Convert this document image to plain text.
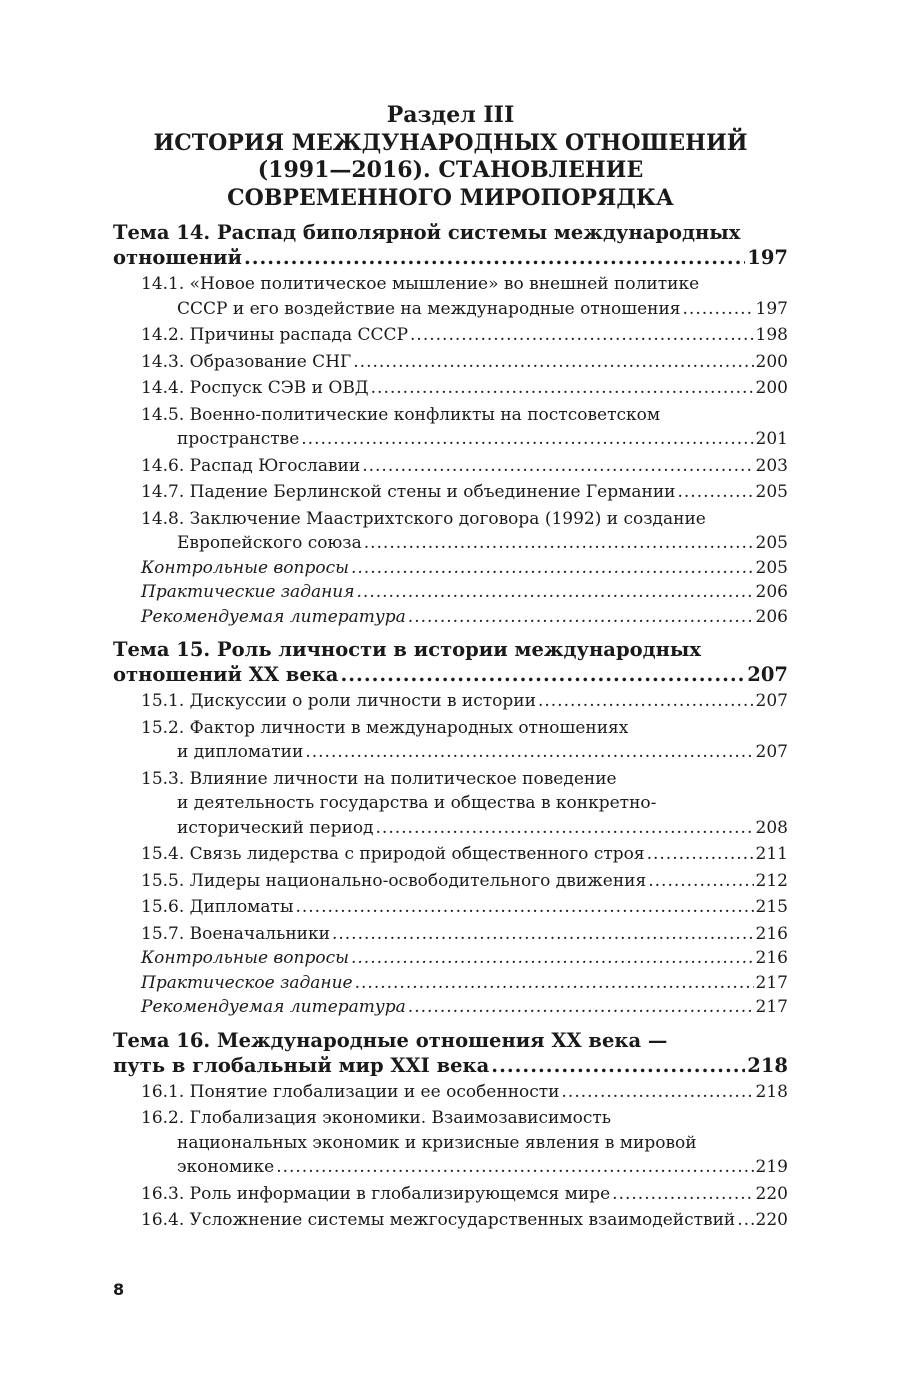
Раздел III
ИСТОРИЯ МЕЖДУНАРОДНЫХ ОТНОШЕНИЙ
(1991—2016). СТАНОВЛЕНИЕ
СОВРЕМЕННОГО МИРОПОРЯДКА
Тема 14. Распад биполярной системы международных
отношений .....	197
14.1. «Новое политическое мышление» во внешней политике
СССР и его воздействие на международные отношения .....	197
14.2. Причины распада СССР .....	198
14.3. Образование СНГ .....	200
14.4. Роспуск СЭВ и ОВД .....	200
14.5. Военно-политические конфликты на постсоветском
пространстве .....	201
14.6. Распад Югославии .....	203
14.7. Падение Берлинской стены и объединение Германии .....	205
14.8. Заключение Маастрихтского договора (1992) и создание
Европейского союза .....	205
Контрольные вопросы .....	205
Практические задания .....	206
Рекомендуемая литература .....	206
Тема 15. Роль личности в истории международных
отношений XX века .....	207
15.1. Дискуссии о роли личности в истории .....	207
15.2. Фактор личности в международных отношениях
и дипломатии .....	207
15.3. Влияние личности на политическое поведение
и деятельность государства и общества в конкретно-
исторический период .....	208
15.4. Связь лидерства с природой общественного строя .....	211
15.5. Лидеры национально-освободительного движения .....	212
15.6. Дипломаты .....	215
15.7. Военачальники .....	216
Контрольные вопросы .....	216
Практическое задание .....	217
Рекомендуемая литература .....	217
Тема 16. Международные отношения XX века —
путь в глобальный мир XXI века .....	218
16.1. Понятие глобализации и ее особенности .....	218
16.2. Глобализация экономики. Взаимозависимость
национальных экономик и кризисные явления в мировой
экономике .....	219
16.3. Роль информации в глобализирующемся мире .....	220
16.4. Усложнение системы межгосударственных взаимодействий ..... 220
8
